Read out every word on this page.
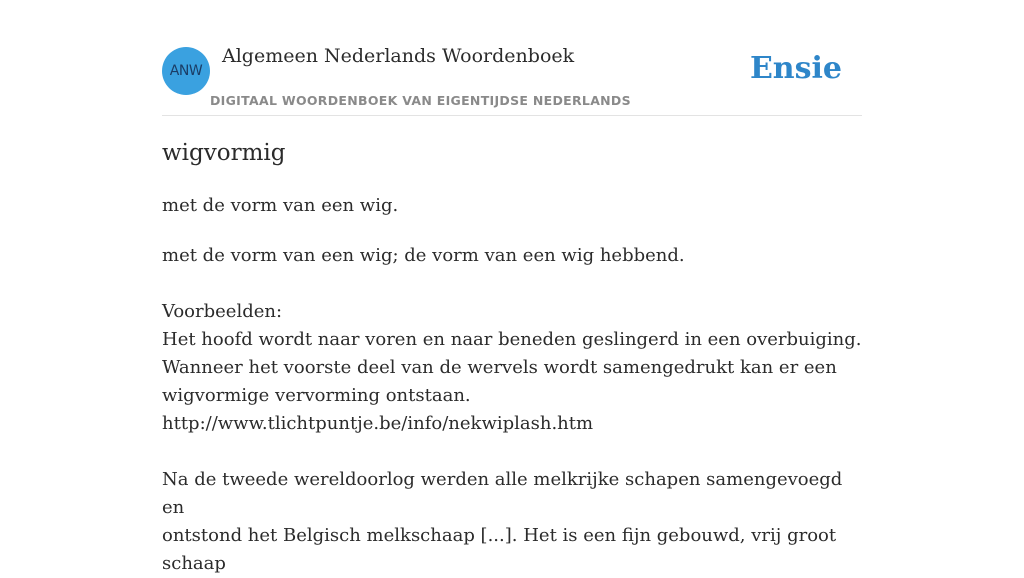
ANW
Algemeen Nederlands Woordenboek
DIGITAAL WOORDENBOEK VAN EIGENTIJDSE NEDERLANDS
Ensie
wigvormig
met de vorm van een wig.
met de vorm van een wig; de vorm van een wig hebbend.
Voorbeelden:
Het hoofd wordt naar voren en naar beneden geslingerd in een overbuiging.
Wanneer het voorste deel van de wervels wordt samengedrukt kan er een
wigvormige vervorming ontstaan.
http://www.tlichtpuntje.be/info/nekwiplash.htm
Na de tweede wereldoorlog werden alle melkrijke schapen samengevoegd en
ontstond het Belgisch melkschaap [...]. Het is een fijn gebouwd, vrij groot schaap
